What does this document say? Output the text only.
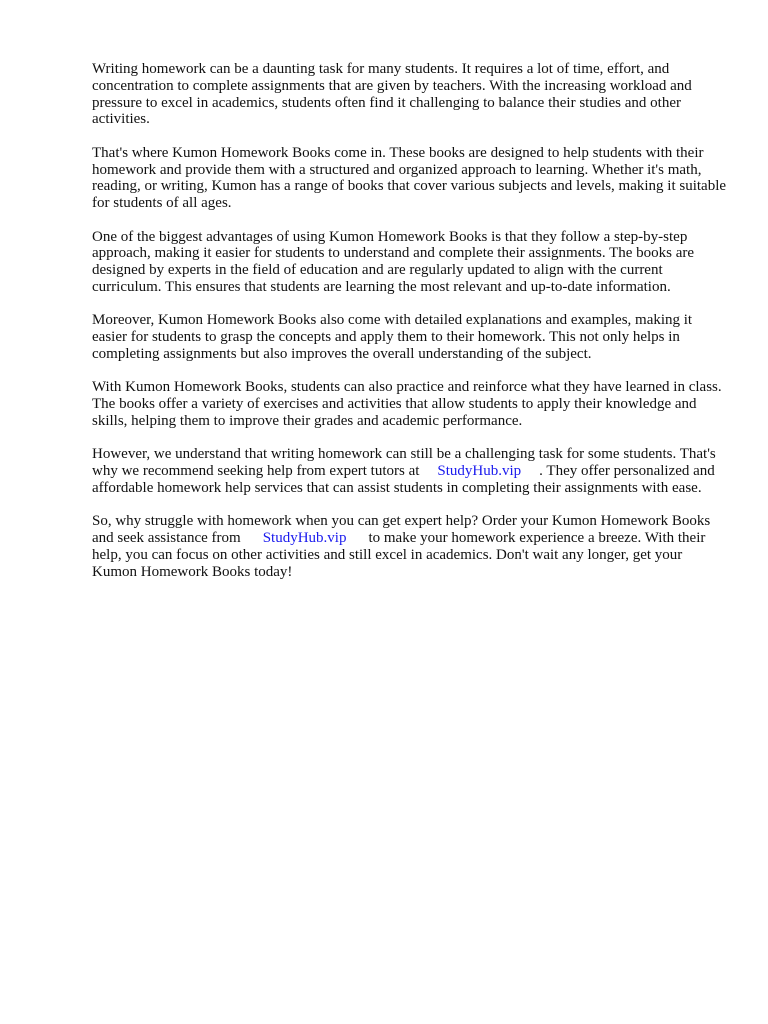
Writing homework can be a daunting task for many students. It requires a lot of time, effort, and concentration to complete assignments that are given by teachers. With the increasing workload and pressure to excel in academics, students often find it challenging to balance their studies and other activities.

That's where Kumon Homework Books come in. These books are designed to help students with their homework and provide them with a structured and organized approach to learning. Whether it's math, reading, or writing, Kumon has a range of books that cover various subjects and levels, making it suitable for students of all ages.

One of the biggest advantages of using Kumon Homework Books is that they follow a step-by-step approach, making it easier for students to understand and complete their assignments. The books are designed by experts in the field of education and are regularly updated to align with the current curriculum. This ensures that students are learning the most relevant and up-to-date information.

Moreover, Kumon Homework Books also come with detailed explanations and examples, making it easier for students to grasp the concepts and apply them to their homework. This not only helps in completing assignments but also improves the overall understanding of the subject.

With Kumon Homework Books, students can also practice and reinforce what they have learned in class. The books offer a variety of exercises and activities that allow students to apply their knowledge and skills, helping them to improve their grades and academic performance.

However, we understand that writing homework can still be a challenging task for some students. That's why we recommend seeking help from expert tutors at StudyHub.vip . They offer personalized and affordable homework help services that can assist students in completing their assignments with ease.

So, why struggle with homework when you can get expert help? Order your Kumon Homework Books and seek assistance from StudyHub.vip to make your homework experience a breeze. With their help, you can focus on other activities and still excel in academics. Don't wait any longer, get your Kumon Homework Books today!
